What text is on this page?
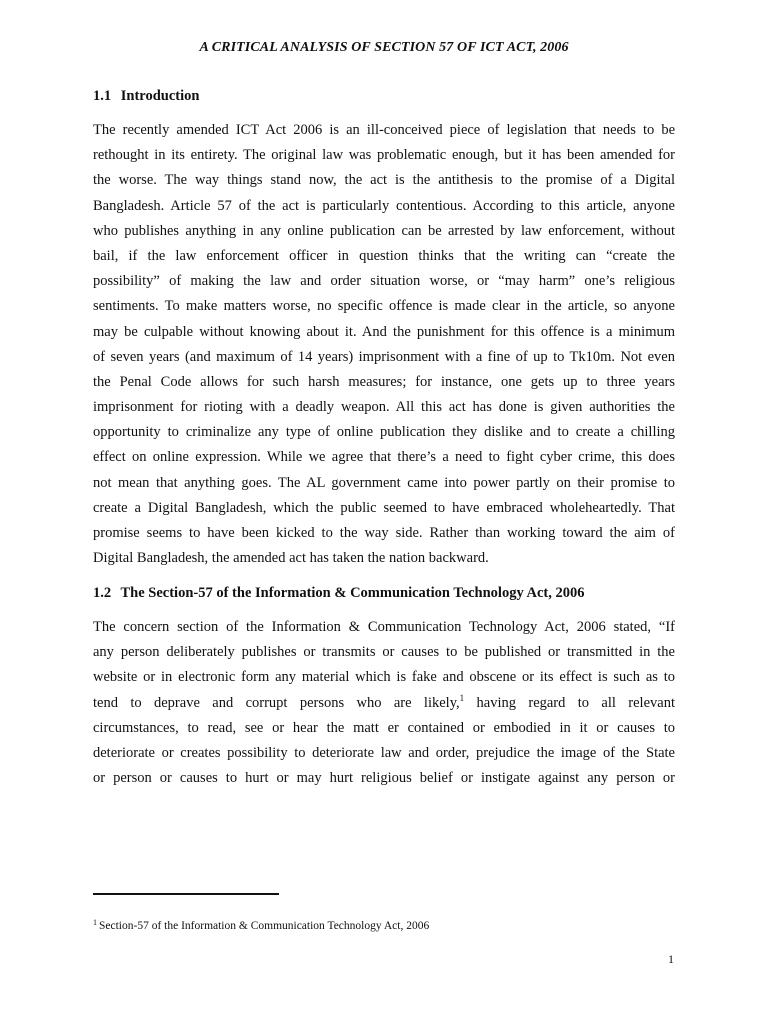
A CRITICAL ANALYSIS OF SECTION 57 OF ICT ACT, 2006
1.1 Introduction
The recently amended ICT Act 2006 is an ill-conceived piece of legislation that needs to be
rethought in its entirety. The original law was problematic enough, but it has been amended for
the worse. The way things stand now, the act is the antithesis to the promise of a Digital
Bangladesh. Article 57 of the act is particularly contentious. According to this article, anyone
who publishes anything in any online publication can be arrested by law enforcement, without
bail, if the law enforcement officer in question thinks that the writing can “create the
possibility” of making the law and order situation worse, or “may harm” one’s religious
sentiments. To make matters worse, no specific offence is made clear in the article, so anyone
may be culpable without knowing about it. And the punishment for this offence is a minimum
of seven years (and maximum of 14 years) imprisonment with a fine of up to Tk10m. Not even
the Penal Code allows for such harsh measures; for instance, one gets up to three years
imprisonment for rioting with a deadly weapon. All this act has done is given authorities the
opportunity to criminalize any type of online publication they dislike and to create a chilling
effect on online expression. While we agree that there’s a need to fight cyber crime, this does
not mean that anything goes. The AL government came into power partly on their promise to
create a Digital Bangladesh, which the public seemed to have embraced wholeheartedly. That
promise seems to have been kicked to the way side. Rather than working toward the aim of
Digital Bangladesh, the amended act has taken the nation backward.
1.2 The Section-57 of the Information & Communication Technology Act, 2006
The concern section of the Information & Communication Technology Act, 2006 stated, “If
any person deliberately publishes or transmits or causes to be published or transmitted in the
website or in electronic form any material which is fake and obscene or its effect is such as to
tend to deprave and corrupt persons who are likely,$^1$ having regard to all relevant
circumstances, to read, see or hear the matt er contained or embodied in it or causes to
deteriorate or creates possibility to deteriorate law and order, prejudice the image of the State
or person or causes to hurt or may hurt religious belief or instigate against any person or
$^1$ Section-57 of the Information & Communication Technology Act, 2006
1
